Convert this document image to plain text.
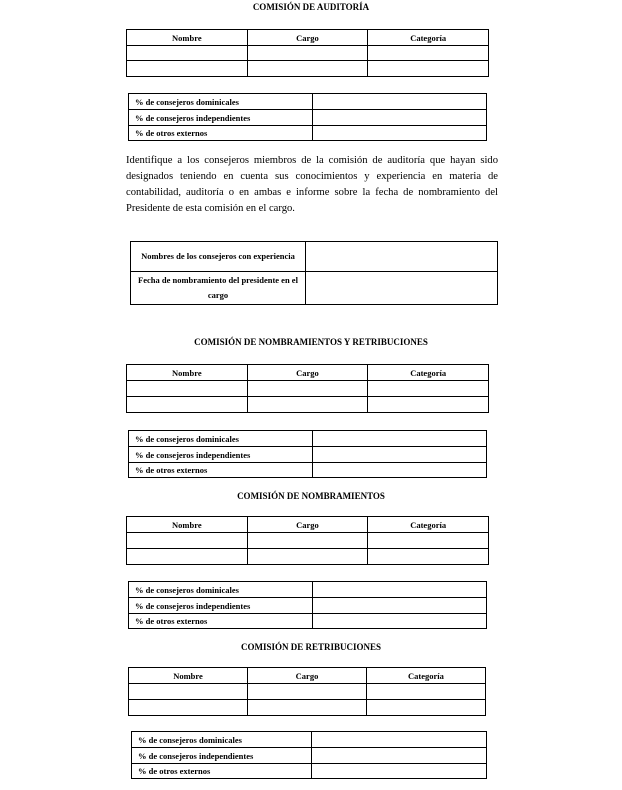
COMISIÓN DE AUDITORÍA
Nombre	Cargo	Categoría

% de consejeros dominicales	
% de consejeros independientes	
% de otros externos	

Identifique a los consejeros miembros de la comisión de auditoría que hayan sido designados teniendo en cuenta sus conocimientos y experiencia en materia de contabilidad, auditoría o en ambas e informe sobre la fecha de nombramiento del Presidente de esta comisión en el cargo.

Nombres de los consejeros con experiencia	
Fecha de nombramiento del presidente en el cargo	
COMISIÓN DE NOMBRAMIENTOS Y RETRIBUCIONES
Nombre	Cargo	Categoría

% de consejeros dominicales	
% de consejeros independientes	
% de otros externos	
COMISIÓN DE NOMBRAMIENTOS
Nombre	Cargo	Categoría

% de consejeros dominicales	
% de consejeros independientes	
% de otros externos	
COMISIÓN DE RETRIBUCIONES
Nombre	Cargo	Categoría

% de consejeros dominicales	
% de consejeros independientes	
% de otros externos	
